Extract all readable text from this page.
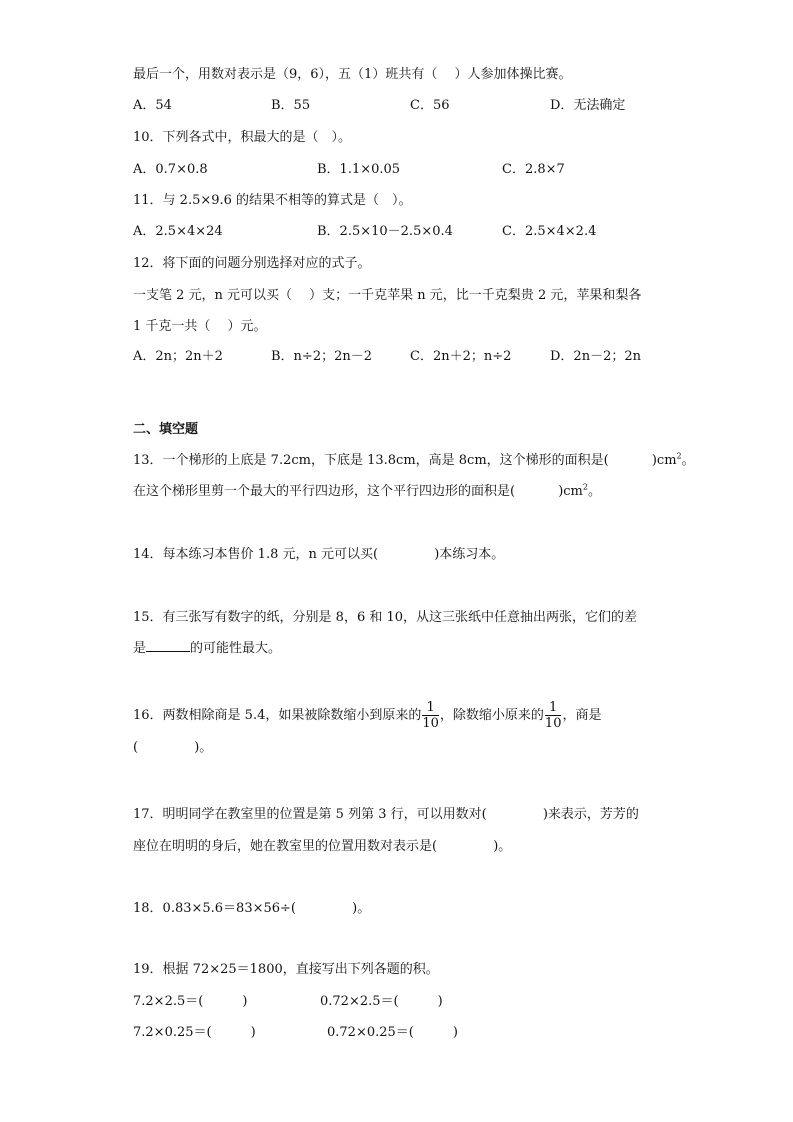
最后一个，用数对表示是（9，6），五（1）班共有（　 ）人参加体操比赛。
A．54	B．55	C．56	D．无法确定
10．下列各式中，积最大的是（　）。
A．0.7×0.8	B．1.1×0.05	C．2.8×7
11．与 2.5×9.6 的结果不相等的算式是（　）。
A．2.5×4×24	B．2.5×10－2.5×0.4	C．2.5×4×2.4
12．将下面的问题分别选择对应的式子。
一支笔 2 元，n 元可以买（　 ）支；一千克苹果 n 元，比一千克梨贵 2 元，苹果和梨各
1 千克一共（　 ）元。
A．2n；2n＋2	B．n÷2；2n－2	C．2n＋2；n÷2	D．2n－2；2n
二、填空题
13．一个梯形的上底是 7.2cm，下底是 13.8cm，高是 8cm，这个梯形的面积是(　　　 )$cm^2$。
在这个梯形里剪一个最大的平行四边形，这个平行四边形的面积是(　　　 )$cm^2$。
14．每本练习本售价 1.8 元，n 元可以买(　　　　 )本练习本。
15．有三张写有数字的纸，分别是 8，6 和 10，从这三张纸中任意抽出两张，它们的差
是	的可能性最大。
16．两数相除商是 5.4，如果被除数缩小到原来的 $\frac{1}{10}$ ，除数缩小原来的 $\frac{1}{10}$ ，商是
(　　　　 )。
17．明明同学在教室里的位置是第 5 列第 3 行，可以用数对(　　　　 )来表示，芳芳的
座位在明明的身后，她在教室里的位置用数对表示是(　　　　 )。
18．0.83×5.6＝83×56÷(　　　　 )。
19．根据 72×25＝1800，直接写出下列各题的积。
7.2×2.5＝(　　　)	0.72×2.5＝(　　　)
7.2×0.25＝(　　　)	0.72×0.25＝(　　　)
